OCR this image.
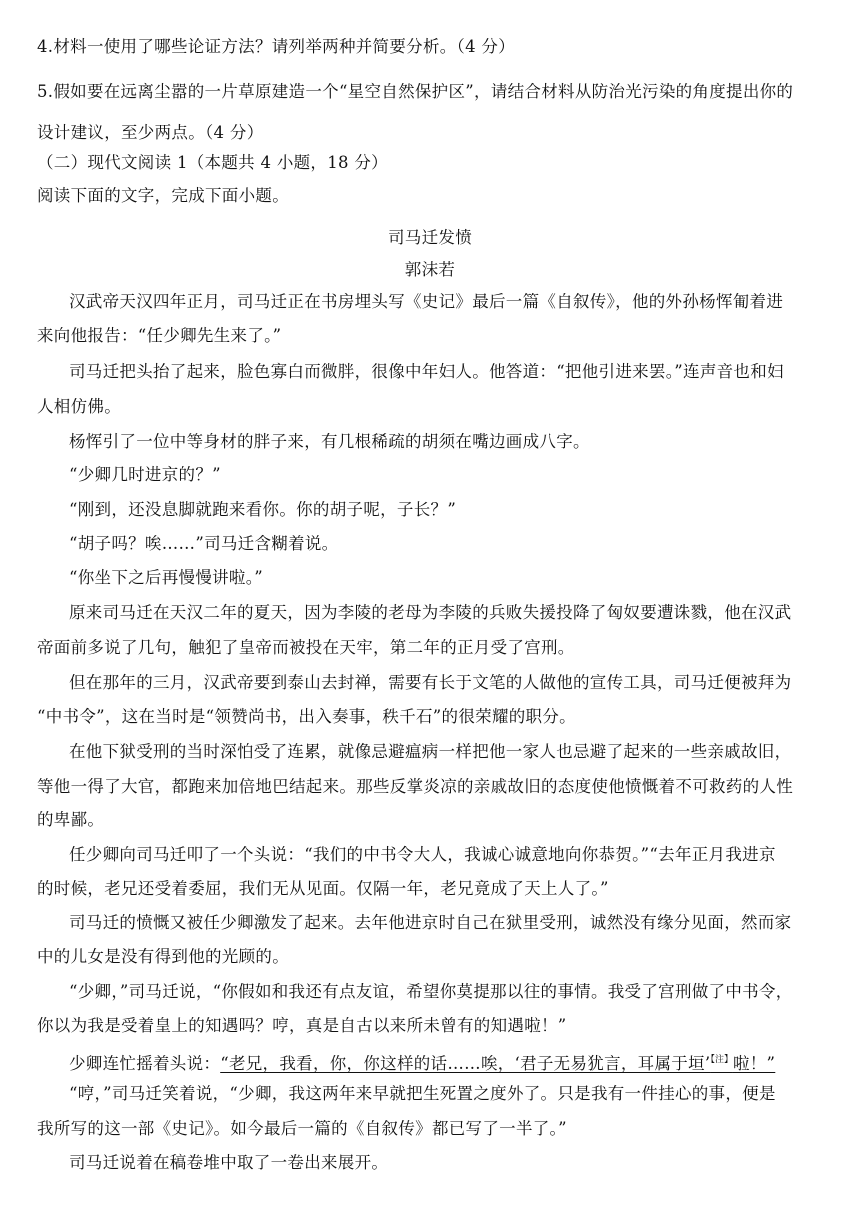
4.材料一使用了哪些论证方法？请列举两种并简要分析。（4 分）
5.假如要在远离尘嚣的一片草原建造一个“星空自然保护区”，请结合材料从防治光污染的角度提出你的
设计建议，至少两点。（4 分）
（二）现代文阅读 1（本题共 4 小题，18 分）
阅读下面的文字，完成下面小题。
司马迁发愤
郭沫若
汉武帝天汉四年正月，司马迁正在书房埋头写《史记》最后一篇《自叙传》，他的外孙杨恽匍着进
来向他报告：“任少卿先生来了。”
司马迁把头抬了起来，脸色寡白而微胖，很像中年妇人。他答道：“把他引进来罢。”连声音也和妇
人相仿佛。
杨恽引了一位中等身材的胖子来，有几根稀疏的胡须在嘴边画成八字。
“少卿几时进京的？”
“刚到，还没息脚就跑来看你。你的胡子呢，子长？”
“胡子吗？唉……”司马迁含糊着说。
“你坐下之后再慢慢讲啦。”
原来司马迁在天汉二年的夏天，因为李陵的老母为李陵的兵败失援投降了匈奴要遭诛戮，他在汉武
帝面前多说了几句，触犯了皇帝而被投在天牢，第二年的正月受了宫刑。
但在那年的三月，汉武帝要到泰山去封禅，需要有长于文笔的人做他的宣传工具，司马迁便被拜为
“中书令”，这在当时是“领赞尚书，出入奏事，秩千石”的很荣耀的职分。
在他下狱受刑的当时深怕受了连累，就像忌避瘟病一样把他一家人也忌避了起来的一些亲戚故旧，
等他一得了大官，都跑来加倍地巴结起来。那些反掌炎凉的亲戚故旧的态度使他愤慨着不可救药的人性
的卑鄙。
任少卿向司马迁叩了一个头说：“我们的中书令大人，我诚心诚意地向你恭贺。”“去年正月我进京
的时候，老兄还受着委屈，我们无从见面。仅隔一年，老兄竟成了天上人了。”
司马迁的愤慨又被任少卿激发了起来。去年他进京时自己在狱里受刑，诚然没有缘分见面，然而家
中的儿女是没有得到他的光顾的。
“少卿，”司马迁说，“你假如和我还有点友谊，希望你莫提那以往的事情。我受了宫刑做了中书令，
你以为我是受着皇上的知遇吗？哼，真是自古以来所未曾有的知遇啦！”
少卿连忙摇着头说：“老兄，我看，你，你这样的话……唉，‘君子无易犹言，耳属于垣’$^{【注】}$啦！”
“哼，”司马迁笑着说，“少卿，我这两年来早就把生死置之度外了。只是我有一件挂心的事，便是
我所写的这一部《史记》。如今最后一篇的《自叙传》都已写了一半了。”
司马迁说着在稿卷堆中取了一卷出来展开。
